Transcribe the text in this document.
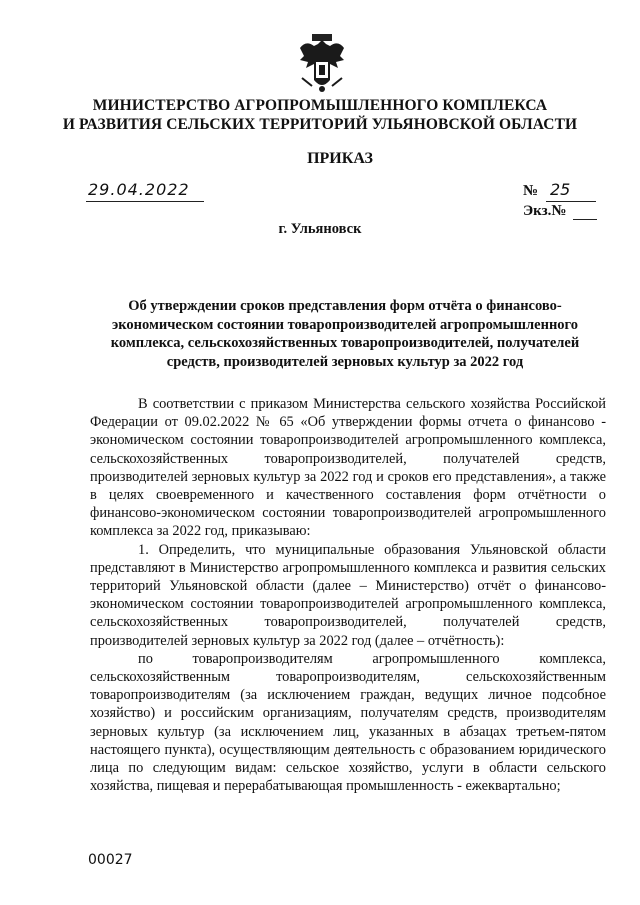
МИНИСТЕРСТВО АГРОПРОМЫШЛЕННОГО КОМПЛЕКСА
И РАЗВИТИЯ СЕЛЬСКИХ ТЕРРИТОРИЙ УЛЬЯНОВСКОЙ ОБЛАСТИ
ПРИКАЗ
29.04.2022	№ 25
Экз.№
г. Ульяновск
Об утверждении сроков представления форм отчёта о финансово-экономическом состоянии товаропроизводителей агропромышленного комплекса, сельскохозяйственных товаропроизводителей, получателей средств, производителей зерновых культур за 2022 год

В соответствии с приказом Министерства сельского хозяйства Российской Федерации от 09.02.2022 № 65 «Об утверждении формы отчета о финансово - экономическом состоянии товаропроизводителей агропромышленного комплекса, сельскохозяйственных товаропроизводителей, получателей средств, производителей зерновых культур за 2022 год и сроков его представления», а также в целях своевременного и качественного составления форм отчётности о финансово-экономическом состоянии товаропроизводителей агропромышленного комплекса за 2022 год, приказываю:

1. Определить, что муниципальные образования Ульяновской области представляют в Министерство агропромышленного комплекса и развития сельских территорий Ульяновской области (далее – Министерство) отчёт о финансово-экономическом состоянии товаропроизводителей агропромышленного комплекса, сельскохозяйственных товаропроизводителей, получателей средств, производителей зерновых культур за 2022 год (далее – отчётность):

по товаропроизводителям агропромышленного комплекса, сельскохозяйственным товаропроизводителям, сельскохозяйственным товаропроизводителям (за исключением граждан, ведущих личное подсобное хозяйство) и российским организациям, получателям средств, производителям зерновых культур (за исключением лиц, указанных в абзацах третьем-пятом настоящего пункта), осуществляющим деятельность с образованием юридического лица по следующим видам: сельское хозяйство, услуги в области сельского хозяйства, пищевая и перерабатывающая промышленность - ежеквартально;

00027
